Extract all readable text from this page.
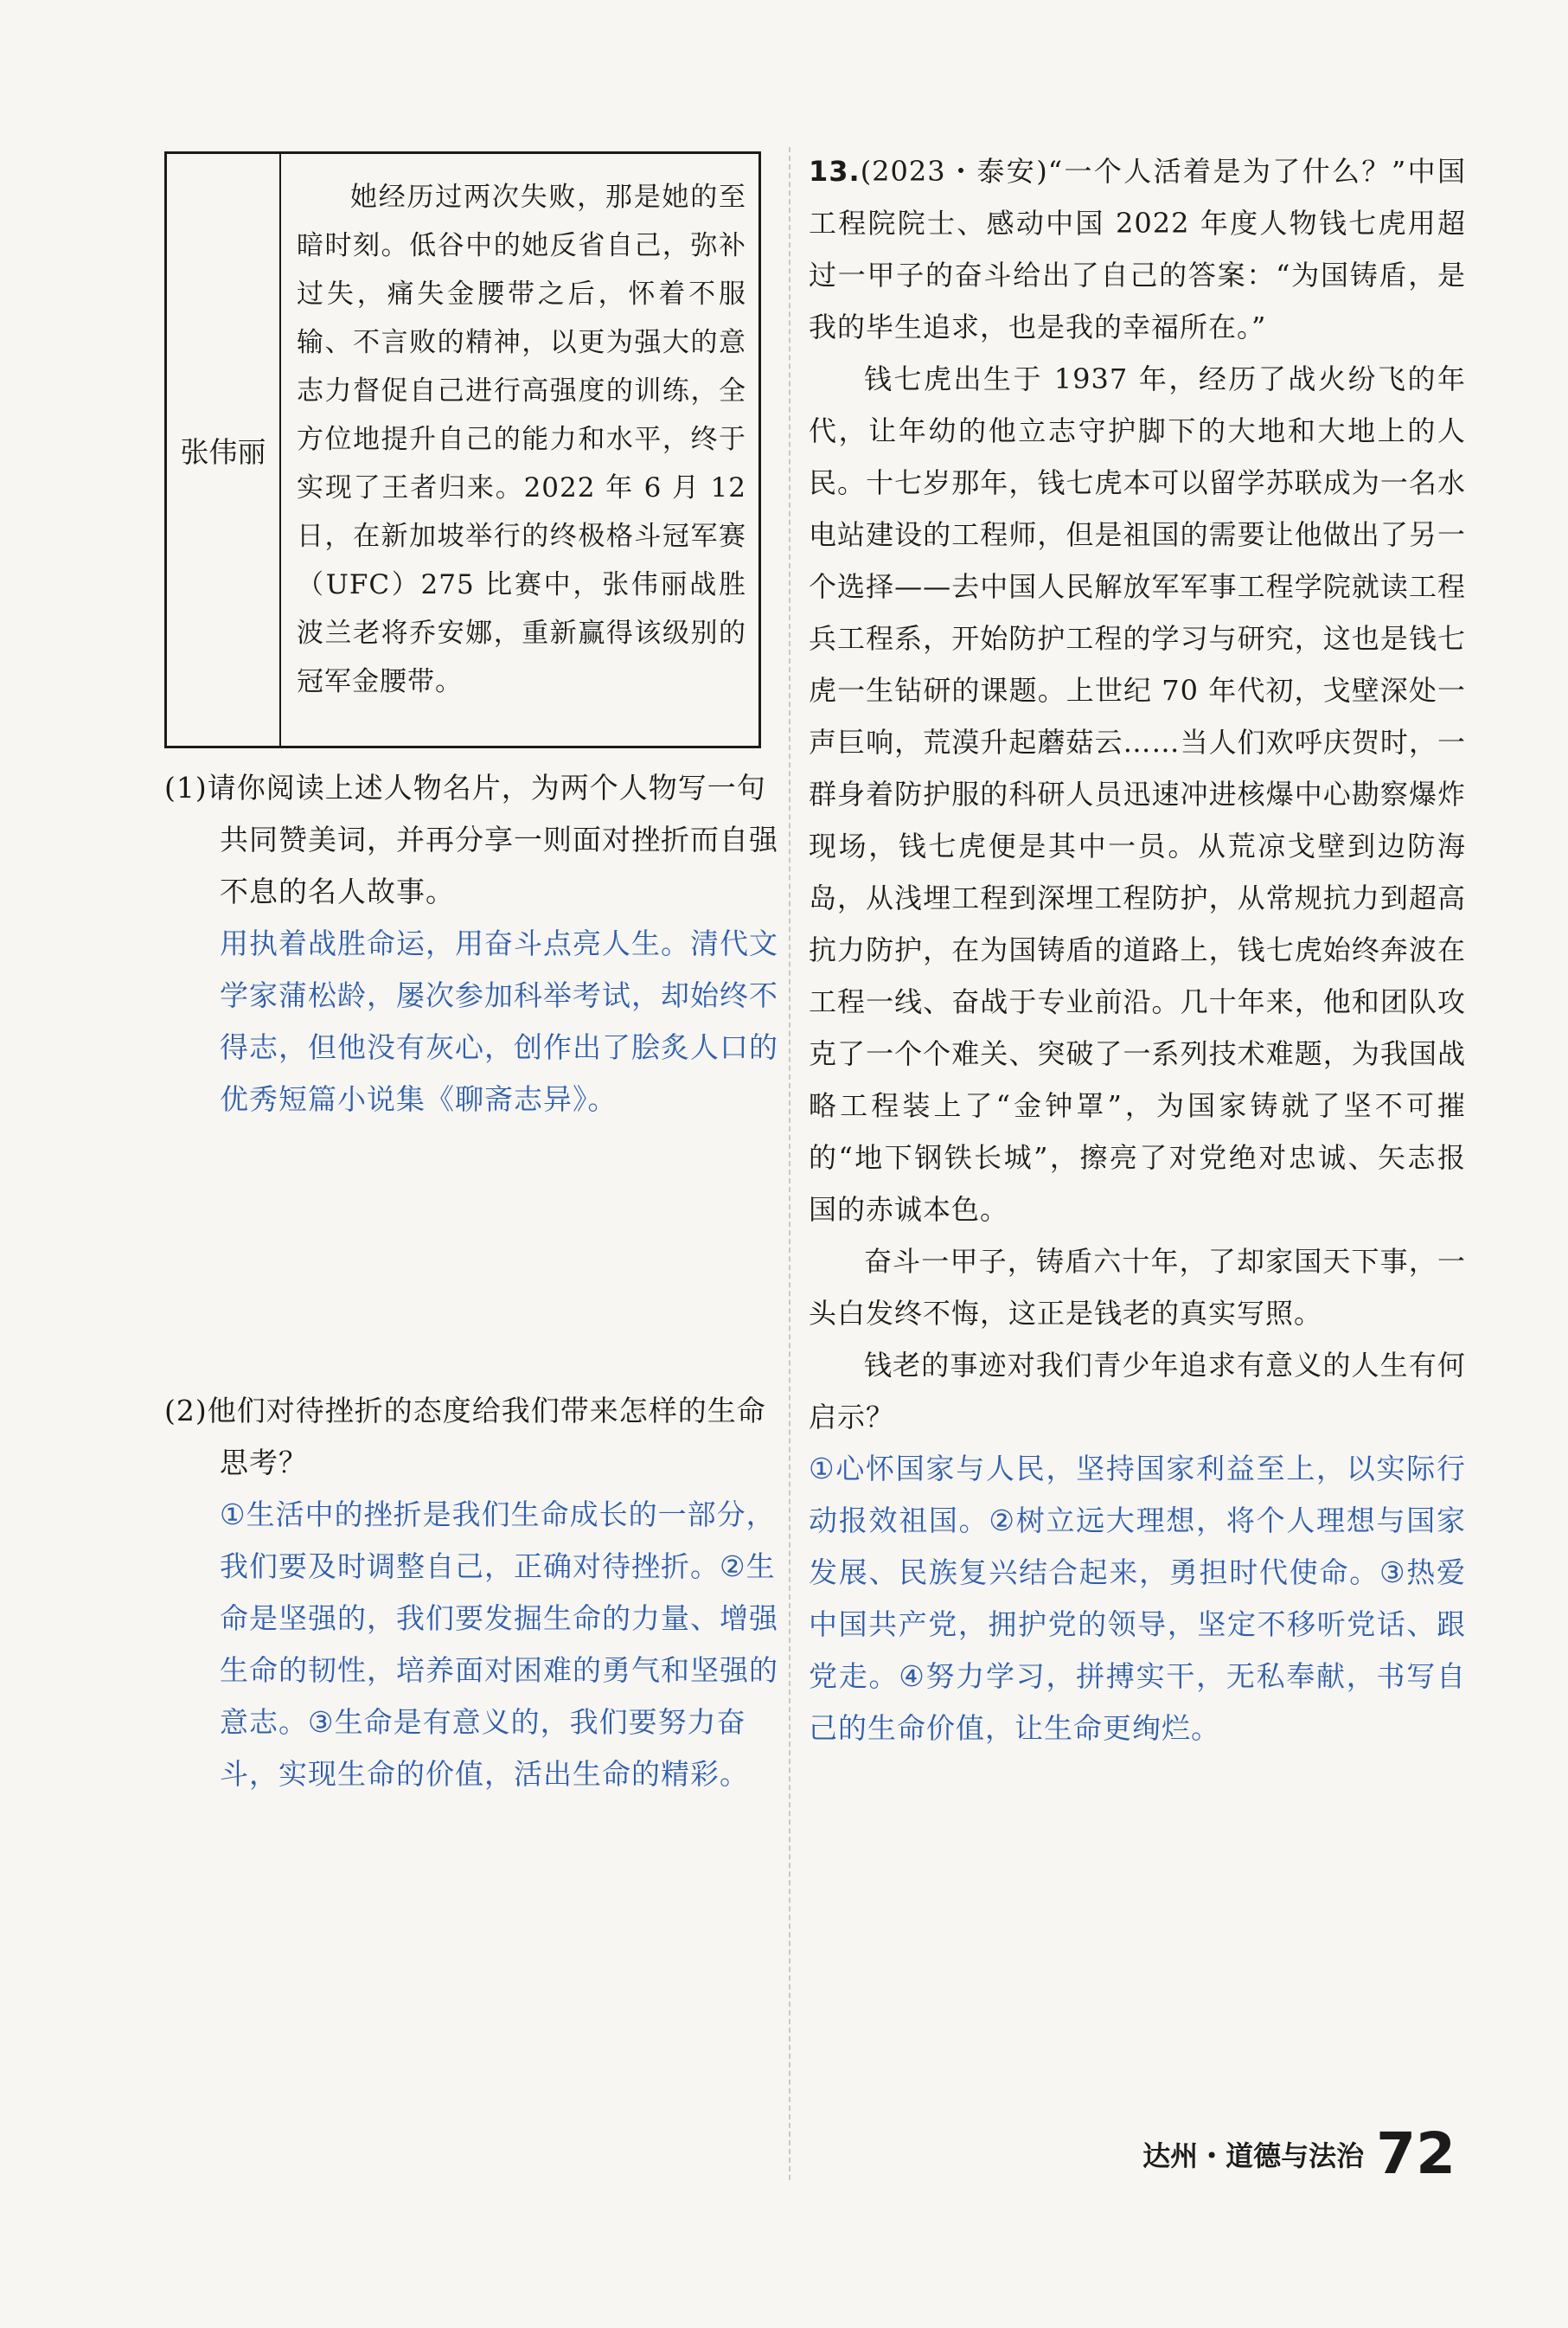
张伟丽
她经历过两次失败，那是她的至暗时刻。低谷中的她反省自己，弥补过失，痛失金腰带之后，怀着不服输、不言败的精神，以更为强大的意志力督促自己进行高强度的训练，全方位地提升自己的能力和水平，终于实现了王者归来。2022 年 6 月 12 日，在新加坡举行的终极格斗冠军赛（UFC）275 比赛中，张伟丽战胜波兰老将乔安娜，重新赢得该级别的冠军金腰带。
(1)请你阅读上述人物名片，为两个人物写一句共同赞美词，并再分享一则面对挫折而自强不息的名人故事。
用执着战胜命运，用奋斗点亮人生。清代文学家蒲松龄，屡次参加科举考试，却始终不得志，但他没有灰心，创作出了脍炙人口的优秀短篇小说集《聊斋志异》。
(2)他们对待挫折的态度给我们带来怎样的生命思考？
①生活中的挫折是我们生命成长的一部分，我们要及时调整自己，正确对待挫折。②生命是坚强的，我们要发掘生命的力量、增强生命的韧性，培养面对困难的勇气和坚强的意志。③生命是有意义的，我们要努力奋斗，实现生命的价值，活出生命的精彩。

13.(2023・泰安)“一个人活着是为了什么？”中国工程院院士、感动中国 2022 年度人物钱七虎用超过一甲子的奋斗给出了自己的答案：“为国铸盾，是我的毕生追求，也是我的幸福所在。”

钱七虎出生于 1937 年，经历了战火纷飞的年代，让年幼的他立志守护脚下的大地和大地上的人民。十七岁那年，钱七虎本可以留学苏联成为一名水电站建设的工程师，但是祖国的需要让他做出了另一个选择——去中国人民解放军军事工程学院就读工程兵工程系，开始防护工程的学习与研究，这也是钱七虎一生钻研的课题。上世纪 70 年代初，戈壁深处一声巨响，荒漠升起蘑菇云……当人们欢呼庆贺时，一群身着防护服的科研人员迅速冲进核爆中心勘察爆炸现场，钱七虎便是其中一员。从荒凉戈壁到边防海岛，从浅埋工程到深埋工程防护，从常规抗力到超高抗力防护，在为国铸盾的道路上，钱七虎始终奔波在工程一线、奋战于专业前沿。几十年来，他和团队攻克了一个个难关、突破了一系列技术难题，为我国战略工程装上了“金钟罩”，为国家铸就了坚不可摧的“地下钢铁长城”，擦亮了对党绝对忠诚、矢志报国的赤诚本色。

奋斗一甲子，铸盾六十年，了却家国天下事，一头白发终不悔，这正是钱老的真实写照。

钱老的事迹对我们青少年追求有意义的人生有何启示？

①心怀国家与人民，坚持国家利益至上，以实际行动报效祖国。②树立远大理想，将个人理想与国家发展、民族复兴结合起来，勇担时代使命。③热爱中国共产党，拥护党的领导，坚定不移听党话、跟党走。④努力学习，拼搏实干，无私奉献，书写自己的生命价值，让生命更绚烂。
达州・道德与法治 72
